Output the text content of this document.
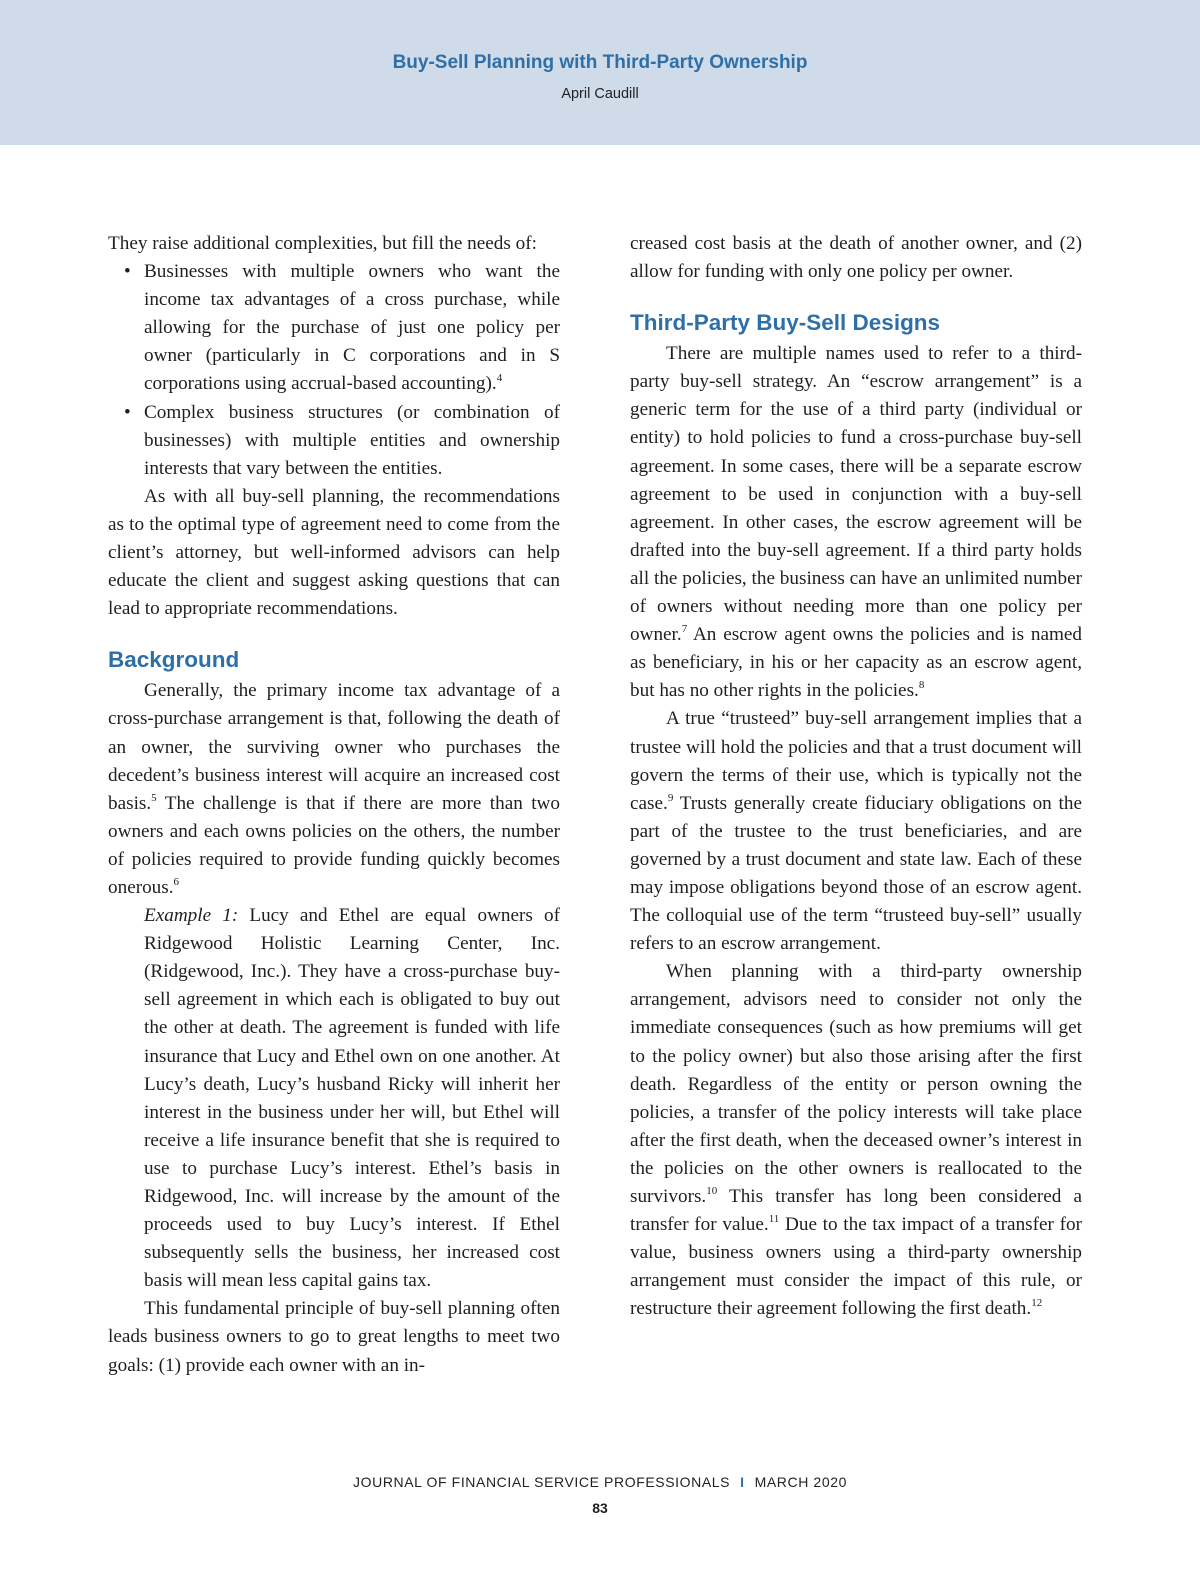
Buy-Sell Planning with Third-Party Ownership
April Caudill

They raise additional complexities, but fill the needs of:

• Businesses with multiple owners who want the income tax advantages of a cross purchase, while allowing for the purchase of just one policy per owner (particularly in C corporations and in S corporations using accrual-based accounting).$^4$
• Complex business structures (or combination of businesses) with multiple entities and ownership interests that vary between the entities.

As with all buy-sell planning, the recommendations as to the optimal type of agreement need to come from the client’s attorney, but well-informed advisors can help educate the client and suggest asking questions that can lead to appropriate recommendations.

Background

Generally, the primary income tax advantage of a cross-purchase arrangement is that, following the death of an owner, the surviving owner who purchases the decedent’s business interest will acquire an increased cost basis.$^5$ The challenge is that if there are more than two owners and each owns policies on the others, the number of policies required to provide funding quickly becomes onerous.$^6$

Example 1: Lucy and Ethel are equal owners of Ridgewood Holistic Learning Center, Inc. (Ridgewood, Inc.). They have a cross-purchase buy-sell agreement in which each is obligated to buy out the other at death. The agreement is funded with life insurance that Lucy and Ethel own on one another. At Lucy’s death, Lucy’s husband Ricky will inherit her interest in the business under her will, but Ethel will receive a life insurance benefit that she is required to use to purchase Lucy’s interest. Ethel’s basis in Ridgewood, Inc. will increase by the amount of the proceeds used to buy Lucy’s interest. If Ethel subsequently sells the business, her increased cost basis will mean less capital gains tax.

This fundamental principle of buy-sell planning often leads business owners to go to great lengths to meet two goals: (1) provide each owner with an in-

creased cost basis at the death of another owner, and (2) allow for funding with only one policy per owner.

Third-Party Buy-Sell Designs

There are multiple names used to refer to a third-party buy-sell strategy. An “escrow arrangement” is a generic term for the use of a third party (individual or entity) to hold policies to fund a cross-purchase buy-sell agreement. In some cases, there will be a separate escrow agreement to be used in conjunction with a buy-sell agreement. In other cases, the escrow agreement will be drafted into the buy-sell agreement. If a third party holds all the policies, the business can have an unlimited number of owners without needing more than one policy per owner.$^7$ An escrow agent owns the policies and is named as beneficiary, in his or her capacity as an escrow agent, but has no other rights in the policies.$^8$

A true “trusteed” buy-sell arrangement implies that a trustee will hold the policies and that a trust document will govern the terms of their use, which is typically not the case.$^9$ Trusts generally create fiduciary obligations on the part of the trustee to the trust beneficiaries, and are governed by a trust document and state law. Each of these may impose obligations beyond those of an escrow agent. The colloquial use of the term “trusteed buy-sell” usually refers to an escrow arrangement.

When planning with a third-party ownership arrangement, advisors need to consider not only the immediate consequences (such as how premiums will get to the policy owner) but also those arising after the first death. Regardless of the entity or person owning the policies, a transfer of the policy interests will take place after the first death, when the deceased owner’s interest in the policies on the other owners is reallocated to the survivors.$^{10}$ This transfer has long been considered a transfer for value.$^{11}$ Due to the tax impact of a transfer for value, business owners using a third-party ownership arrangement must consider the impact of this rule, or restructure their agreement following the first death.$^{12}$

JOURNAL OF FINANCIAL SERVICE PROFESSIONALS I MARCH 2020
83
